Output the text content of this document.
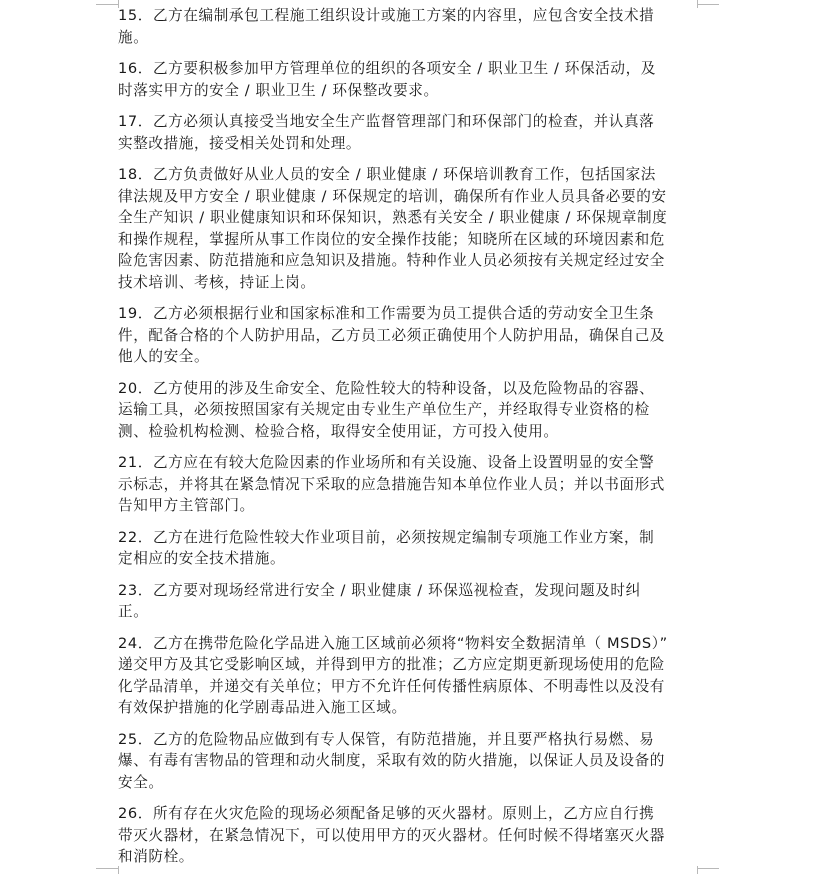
15．乙方在编制承包工程施工组织设计或施工方案的内容里，应包含安全技术措
施。
16．乙方要积极参加甲方管理单位的组织的各项安全 / 职业卫生 / 环保活动，及
时落实甲方的安全 / 职业卫生 / 环保整改要求。
17．乙方必须认真接受当地安全生产监督管理部门和环保部门的检查，并认真落
实整改措施，接受相关处罚和处理。
18．乙方负责做好从业人员的安全 / 职业健康 / 环保培训教育工作，包括国家法
律法规及甲方安全 / 职业健康 / 环保规定的培训，确保所有作业人员具备必要的安
全生产知识 / 职业健康知识和环保知识，熟悉有关安全 / 职业健康 / 环保规章制度
和操作规程，掌握所从事工作岗位的安全操作技能；知晓所在区域的环境因素和危
险危害因素、防范措施和应急知识及措施。特种作业人员必须按有关规定经过安全
技术培训、考核，持证上岗。
19．乙方必须根据行业和国家标准和工作需要为员工提供合适的劳动安全卫生条
件，配备合格的个人防护用品，乙方员工必须正确使用个人防护用品，确保自己及
他人的安全。
20．乙方使用的涉及生命安全、危险性较大的特种设备，以及危险物品的容器、
运输工具，必须按照国家有关规定由专业生产单位生产，并经取得专业资格的检
测、检验机构检测、检验合格，取得安全使用证，方可投入使用。
21．乙方应在有较大危险因素的作业场所和有关设施、设备上设置明显的安全警
示标志，并将其在紧急情况下采取的应急措施告知本单位作业人员；并以书面形式
告知甲方主管部门。
22．乙方在进行危险性较大作业项目前，必须按规定编制专项施工作业方案，制
定相应的安全技术措施。
23．乙方要对现场经常进行安全 / 职业健康 / 环保巡视检查，发现问题及时纠
正。
24．乙方在携带危险化学品进入施工区域前必须将“物料安全数据清单（ MSDS）”
递交甲方及其它受影响区域，并得到甲方的批准；乙方应定期更新现场使用的危险
化学品清单，并递交有关单位；甲方不允许任何传播性病原体、不明毒性以及没有
有效保护措施的化学剧毒品进入施工区域。
25．乙方的危险物品应做到有专人保管，有防范措施，并且要严格执行易燃、易
爆、有毒有害物品的管理和动火制度，采取有效的防火措施，以保证人员及设备的
安全。
26．所有存在火灾危险的现场必须配备足够的灭火器材。原则上，乙方应自行携
带灭火器材，在紧急情况下，可以使用甲方的灭火器材。任何时候不得堵塞灭火器
和消防栓。
